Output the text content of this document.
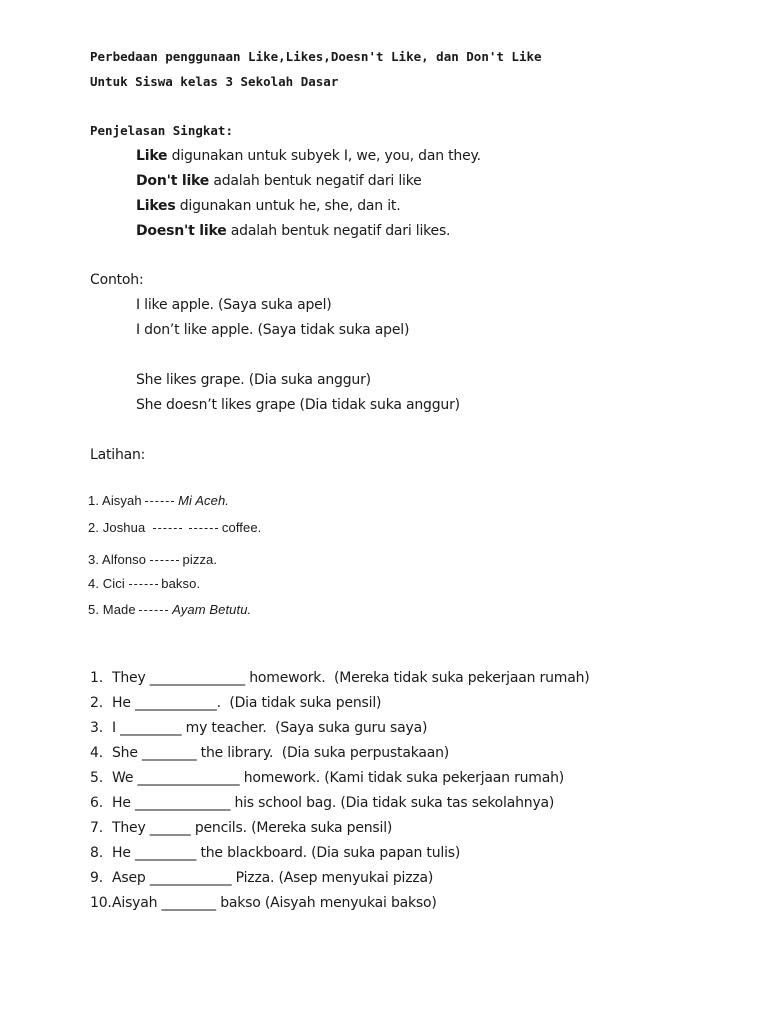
Perbedaan penggunaan Like,Likes,Doesn't Like, dan Don't Like
Untuk Siswa kelas 3 Sekolah Dasar
Penjelasan Singkat:
Like digunakan untuk subyek I, we, you, dan they.
Don't like adalah bentuk negatif dari like
Likes digunakan untuk he, she, dan it.
Doesn't like adalah bentuk negatif dari likes.
Contoh:
I like apple. (Saya suka apel)
I don’t like apple. (Saya tidak suka apel)
She likes grape. (Dia suka anggur)
She doesn’t likes grape (Dia tidak suka anggur)
Latihan:
1. Aisyah	Mi Aceh.
2. Joshua	coffee.
3. Alfonso	pizza.
4. Cici	bakso.
5. Made	Ayam Betutu.
1. They ______________ homework.  (Mereka tidak suka pekerjaan rumah)
2. He ____________.  (Dia tidak suka pensil)
3. I _________ my teacher.  (Saya suka guru saya)
4. She ________ the library.  (Dia suka perpustakaan)
5. We _______________ homework. (Kami tidak suka pekerjaan rumah)
6. He ______________ his school bag. (Dia tidak suka tas sekolahnya)
7. They ______ pencils. (Mereka suka pensil)
8. He _________ the blackboard. (Dia suka papan tulis)
9. Asep ____________ Pizza. (Asep menyukai pizza)
10.Aisyah ________ bakso (Aisyah menyukai bakso)
